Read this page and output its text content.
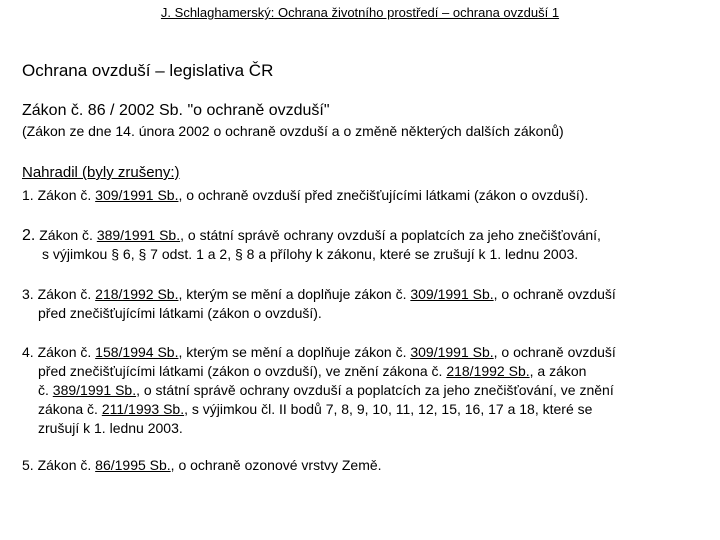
J. Schlaghamerský: Ochrana životního prostředí – ochrana ovzduší 1
Ochrana ovzduší – legislativa ČR
Zákon č. 86 / 2002 Sb. "o ochraně ovzduší"
(Zákon ze dne 14. února 2002 o ochraně ovzduší a o změně některých dalších zákonů)
Nahradil (byly zrušeny:)
1. Zákon č. 309/1991 Sb., o ochraně ovzduší před znečišťujícími látkami (zákon o ovzduší).
2. Zákon č. 389/1991 Sb., o státní správě ochrany ovzduší a poplatcích za jeho znečišťování,
s výjimkou § 6, § 7 odst. 1 a 2, § 8 a přílohy k zákonu, které se zrušují k 1. lednu 2003.
3. Zákon č. 218/1992 Sb., kterým se mění a doplňuje zákon č. 309/1991 Sb., o ochraně ovzduší
před znečišťujícími látkami (zákon o ovzduší).
4. Zákon č. 158/1994 Sb., kterým se mění a doplňuje zákon č. 309/1991 Sb., o ochraně ovzduší
před znečišťujícími látkami (zákon o ovzduší), ve znění zákona č. 218/1992 Sb., a zákon
č. 389/1991 Sb., o státní správě ochrany ovzduší a poplatcích za jeho znečišťování, ve znění
zákona č. 211/1993 Sb., s výjimkou čl. II bodů 7, 8, 9, 10, 11, 12, 15, 16, 17 a 18, které se
zrušují k 1. lednu 2003.
5. Zákon č. 86/1995 Sb., o ochraně ozonové vrstvy Země.
